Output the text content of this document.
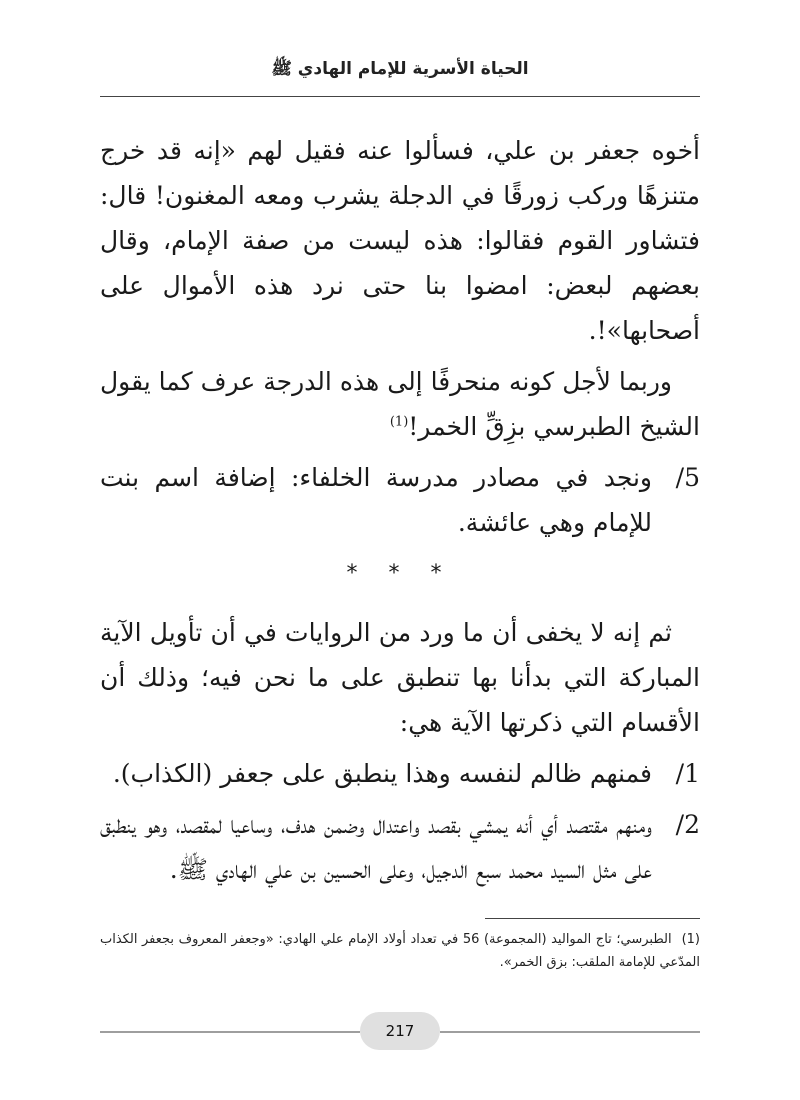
الحياة الأسرية للإمام الهادي ﷺ

أخوه جعفر بن علي، فسألوا عنه فقيل لهم «إنه قد خرج متنزهًا وركب زورقًا في الدجلة يشرب ومعه المغنون! قال: فتشاور القوم فقالوا: هذه ليست من صفة الإمام، وقال بعضهم لبعض: امضوا بنا حتى نرد هذه الأموال على أصحابها»!.

وربما لأجل كونه منحرفًا إلى هذه الدرجة عرف كما يقول الشيخ الطبرسي بزِقِّ الخمر!$^{(1)}$

/5
ونجد في مصادر مدرسة الخلفاء: إضافة اسم بنت للإمام وهي عائشة.
* * *

ثم إنه لا يخفى أن ما ورد من الروايات في أن تأويل الآية المباركة التي بدأنا بها تنطبق على ما نحن فيه؛ وذلك أن الأقسام التي ذكرتها الآية هي:

/1
فمنهم ظالم لنفسه وهذا ينطبق على جعفر (الكذاب).
/2
ومنهم مقتصد أي أنه يمشي بقصد واعتدال وضمن هدف، وساعيا لمقصد، وهو ينطبق على مثل السيد محمد سبع الدجيل، وعلى الحسين بن علي الهادي ﷺ.
(1)الطبرسي؛ تاج المواليد (المجموعة) 56 في تعداد أولاد الإمام علي الهادي: «وجعفر المعروف بجعفر الكذاب المدّعي للإمامة الملقب: بزق الخمر».
217
